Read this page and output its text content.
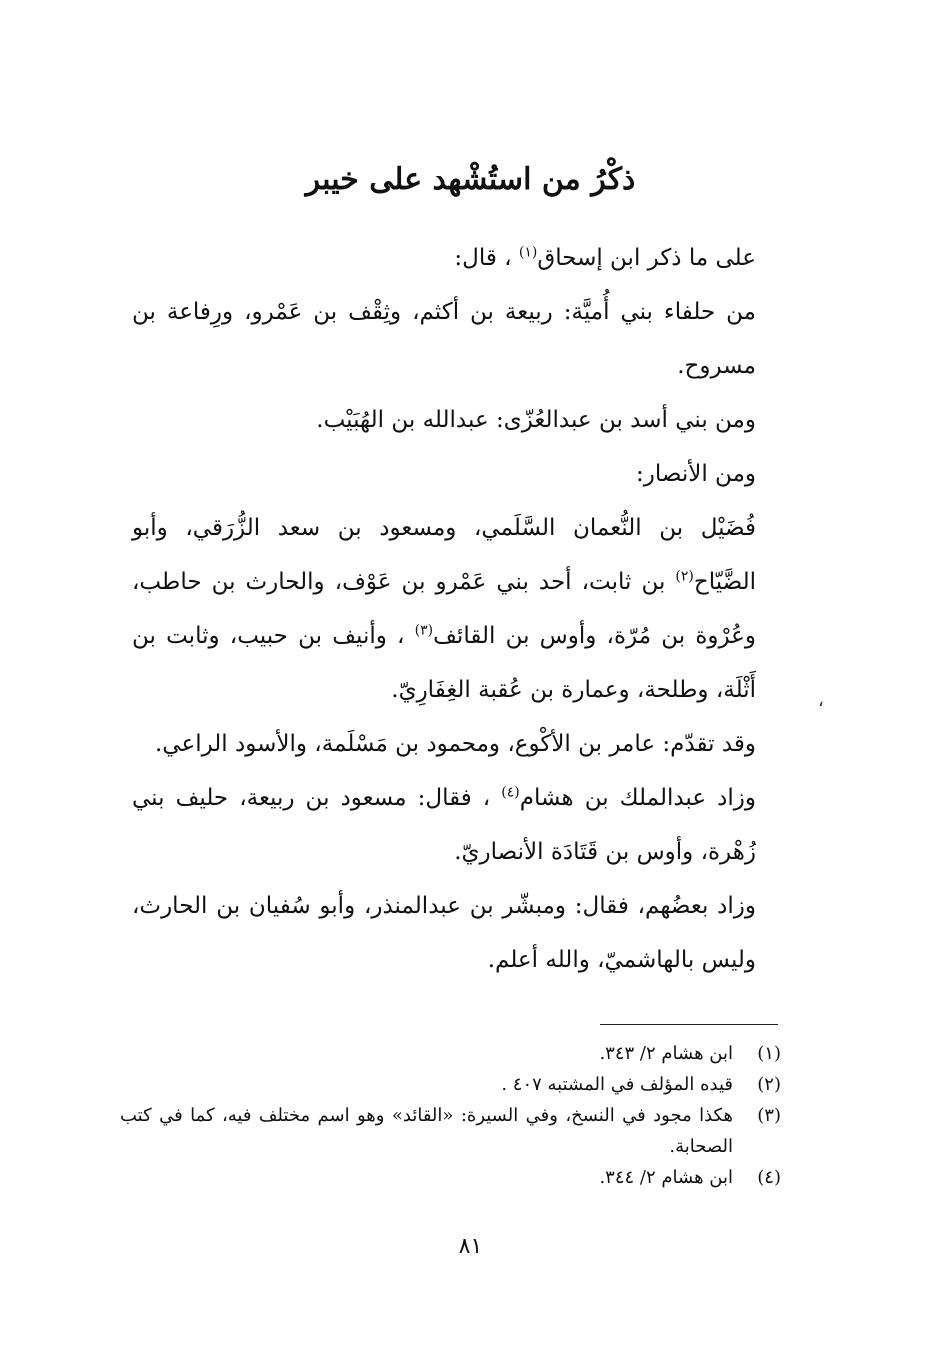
ذكْرُ من استُشْهد على خيبر

على ما ذكر ابن إسحاق$^{(١)}$ ، قال:

من حلفاء بني أُميَّة: ربيعة بن أكثم، وثِقْف بن عَمْرو، ورِفاعة بن مسروح.

ومن بني أسد بن عبدالعُزّى: عبدالله بن الهُبَيْب.

ومن الأنصار:

فُضَيْل بن النُّعمان السَّلَمي، ومسعود بن سعد الزُّرَقي، وأبو الضَّيّاح$^{(٢)}$ بن ثابت، أحد بني عَمْرو بن عَوْف، والحارث بن حاطب، وعُرْوة بن مُرّة، وأوس بن القائف$^{(٣)}$ ، وأنيف بن حبيب، وثابت بن أَثْلَة، وطلحة، وعمارة بن عُقبة الغِفَارِيّ.

وقد تقدّم: عامر بن الأكْوع، ومحمود بن مَسْلَمة، والأسود الراعي.

وزاد عبدالملك بن هشام$^{(٤)}$ ، فقال: مسعود بن ربيعة، حليف بني زُهْرة، وأوس بن قَتَادَة الأنصاريّ.

وزاد بعضُهم، فقال: ومبشّر بن عبدالمنذر، وأبو سُفيان بن الحارث، وليس بالهاشميّ، والله أعلم.

،
(١)
ابن هشام ٢/ ٣٤٣.
(٢)
قيده المؤلف في المشتبه ٤٠٧ .
(٣)
هكذا مجود في النسخ، وفي السيرة: «القائد» وهو اسم مختلف فيه، كما في كتب الصحابة.
(٤)
ابن هشام ٢/ ٣٤٤.
٨١
